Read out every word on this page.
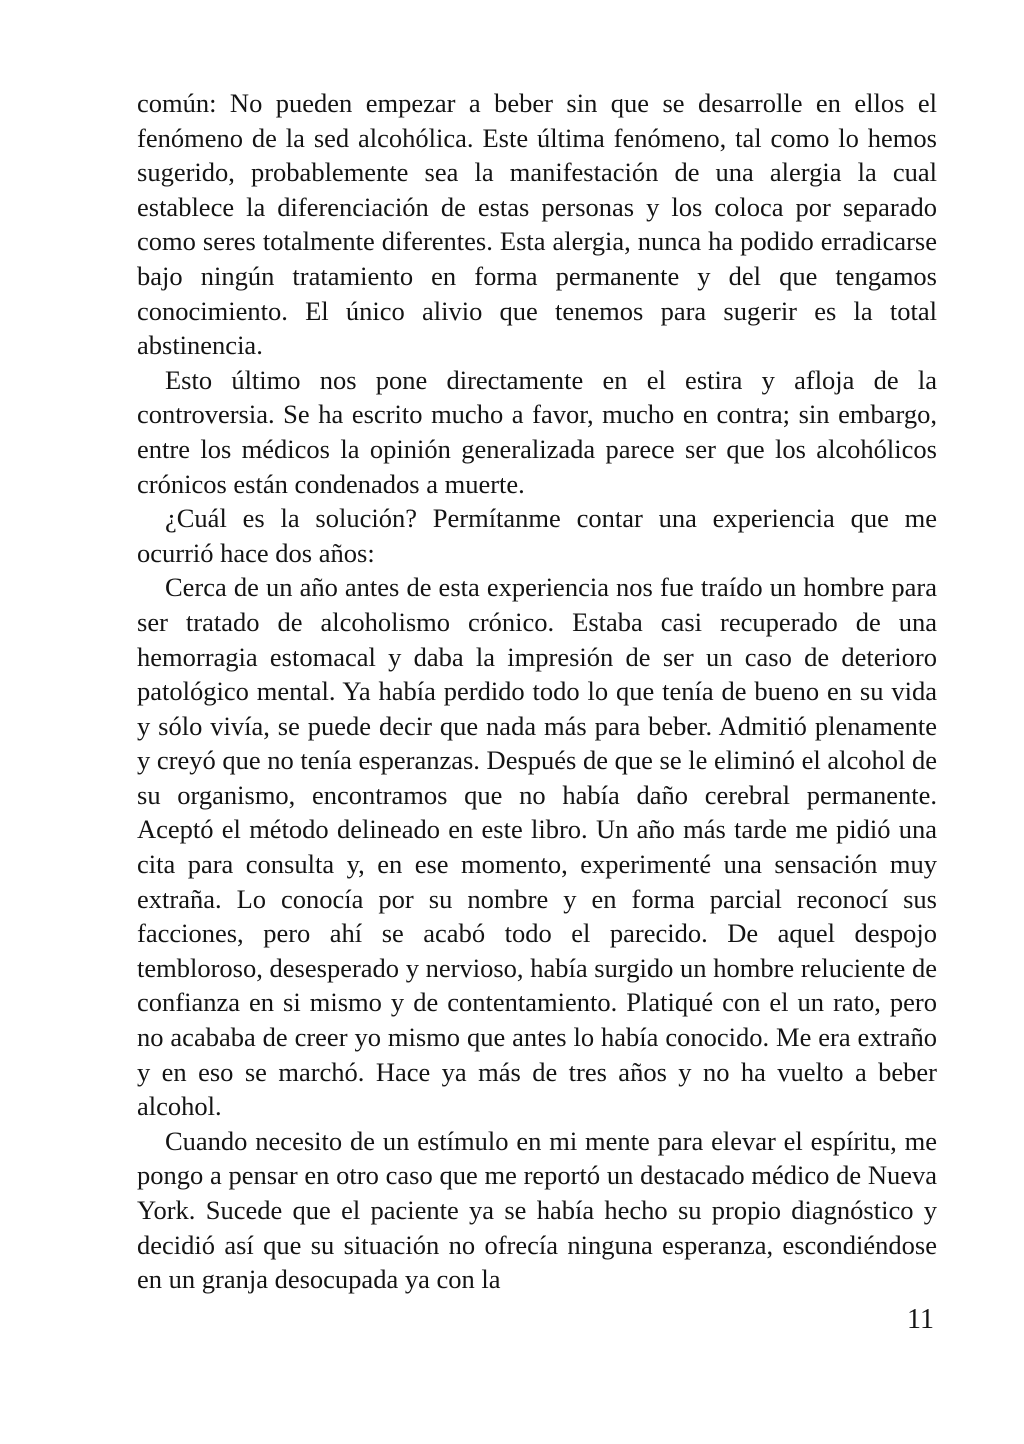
común: No pueden empezar a beber sin que se desarrolle en ellos el fenómeno de la sed alcohólica. Este última fenómeno, tal como lo hemos sugerido, probablemente sea la manifestación de una alergia la cual establece la diferenciación de estas personas y los coloca por separado como seres totalmente diferentes. Esta alergia, nunca ha podido erradicarse bajo ningún tratamiento en forma permanente y del que tengamos conocimiento. El único alivio que tenemos para sugerir es la total abstinencia.

Esto último nos pone directamente en el estira y afloja de la controversia. Se ha escrito mucho a favor, mucho en contra; sin embargo, entre los médicos la opinión generalizada parece ser que los alcohólicos crónicos están condenados a muerte.

¿Cuál es la solución? Permítanme contar una experiencia que me ocurrió hace dos años:

Cerca de un año antes de esta experiencia nos fue traído un hombre para ser tratado de alcoholismo crónico. Estaba casi recuperado de una hemorragia estomacal y daba la impresión de ser un caso de deterioro patológico mental. Ya había perdido todo lo que tenía de bueno en su vida y sólo vivía, se puede decir que nada más para beber. Admitió plenamente y creyó que no tenía esperanzas. Después de que se le eliminó el alcohol de su organismo, encontramos que no había daño cerebral permanente. Aceptó el método delineado en este libro. Un año más tarde me pidió una cita para consulta y, en ese momento, experimenté una sensación muy extraña. Lo conocía por su nombre y en forma parcial reconocí sus facciones, pero ahí se acabó todo el parecido. De aquel despojo tembloroso, desesperado y nervioso, había surgido un hombre reluciente de confianza en si mismo y de contentamiento. Platiqué con el un rato, pero no acababa de creer yo mismo que antes lo había conocido. Me era extraño y en eso se marchó. Hace ya más de tres años y no ha vuelto a beber alcohol.

Cuando necesito de un estímulo en mi mente para elevar el espíritu, me pongo a pensar en otro caso que me reportó un destacado médico de Nueva York. Sucede que el paciente ya se había hecho su propio diagnóstico y decidió así que su situación no ofrecía ninguna esperanza, escondiéndose en un granja desocupada ya con la

11
